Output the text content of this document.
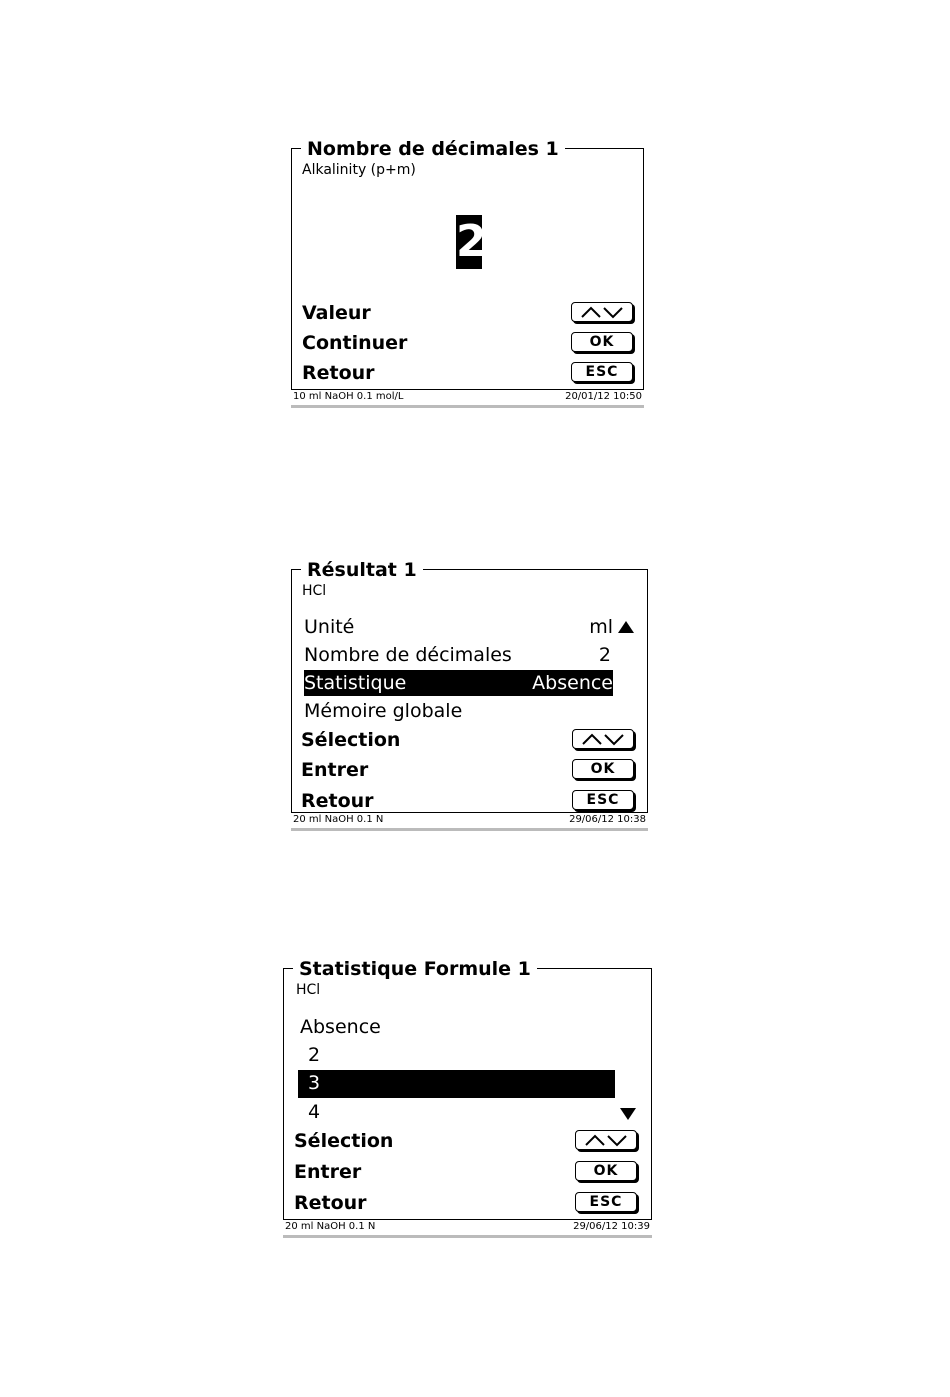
Nombre de décimales 1
Alkalinity (p+m)
2
Valeur
Continuer	OK
Retour	ESC
10 ml NaOH 0.1 mol/L	20/01/12 10:50
Résultat 1
HCl
Unité	ml
Nombre de décimales	2
Statistique	Absence
Mémoire globale
Sélection
Entrer	OK
Retour	ESC
20 ml NaOH 0.1 N	29/06/12 10:38
Statistique Formule 1
HCl
Absence
2
3
4
Sélection
Entrer	OK
Retour	ESC
20 ml NaOH 0.1 N	29/06/12 10:39
